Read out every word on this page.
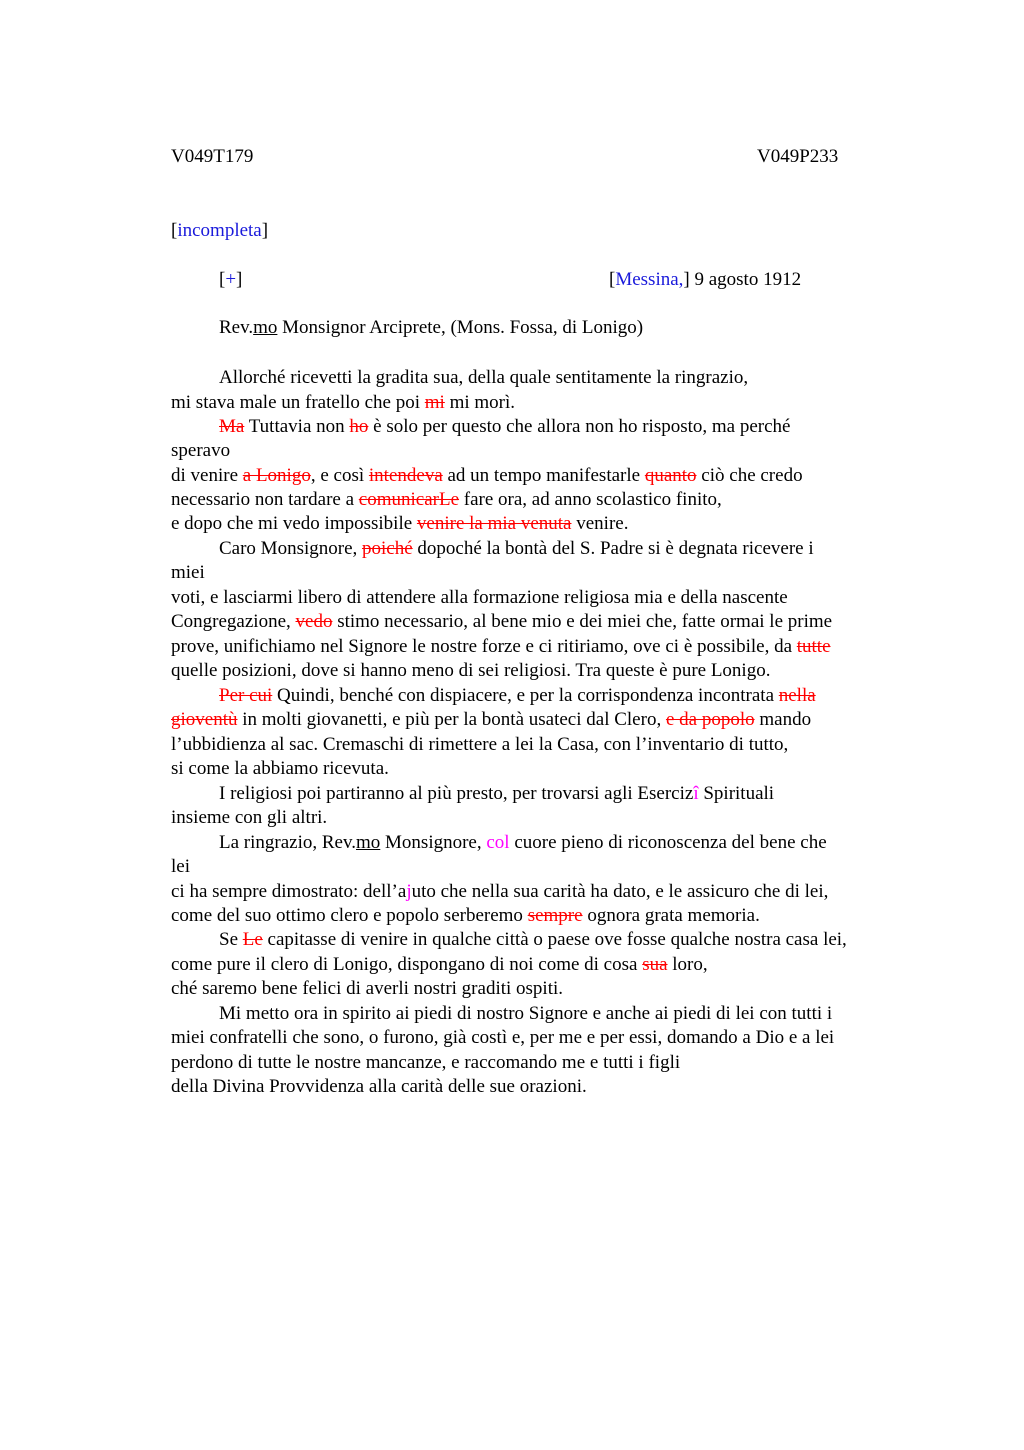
V049T179	V049P233
[incompleta]
[+]	[Messina,] 9 agosto 1912
Rev.mo Monsignor Arciprete, (Mons. Fossa, di Lonigo)
Allorché ricevetti la gradita sua, della quale sentitamente la ringrazio,
mi stava male un fratello che poi mi mi morì.
Ma Tuttavia non ho è solo per questo che allora non ho risposto, ma perché
speravo
di venire a Lonigo, e così intendeva ad un tempo manifestarle quanto ciò che credo
necessario non tardare a comunicarLe fare ora, ad anno scolastico finito,
e dopo che mi vedo impossibile venire la mia venuta venire.
Caro Monsignore, poiché dopoché la bontà del S. Padre si è degnata ricevere i
miei
voti, e lasciarmi libero di attendere alla formazione religiosa mia e della nascente
Congregazione, vedo stimo necessario, al bene mio e dei miei che, fatte ormai le prime
prove, unifichiamo nel Signore le nostre forze e ci ritiriamo, ove ci è possibile, da tutte
quelle posizioni, dove si hanno meno di sei religiosi. Tra queste è pure Lonigo.
Per cui Quindi, benché con dispiacere, e per la corrispondenza incontrata nella
gioventù in molti giovanetti, e più per la bontà usateci dal Clero, e da popolo mando
l’ubbidienza al sac. Cremaschi di rimettere a lei la Casa, con l’inventario di tutto,
si come la abbiamo ricevuta.
I religiosi poi partiranno al più presto, per trovarsi agli Esercizî Spirituali
insieme con gli altri.
La ringrazio, Rev.mo Monsignore, col cuore pieno di riconoscenza del bene che
lei
ci ha sempre dimostrato: dell’ajuto che nella sua carità ha dato, e le assicuro che di lei,
come del suo ottimo clero e popolo serberemo sempre ognora grata memoria.
Se Le capitasse di venire in qualche città o paese ove fosse qualche nostra casa lei,
come pure il clero di Lonigo, dispongano di noi come di cosa sua loro,
ché saremo bene felici di averli nostri graditi ospiti.
Mi metto ora in spirito ai piedi di nostro Signore e anche ai piedi di lei con tutti i
miei confratelli che sono, o furono, già costì e, per me e per essi, domando a Dio e a lei
perdono di tutte le nostre mancanze, e raccomando me e tutti i figli
della Divina Provvidenza alla carità delle sue orazioni.
